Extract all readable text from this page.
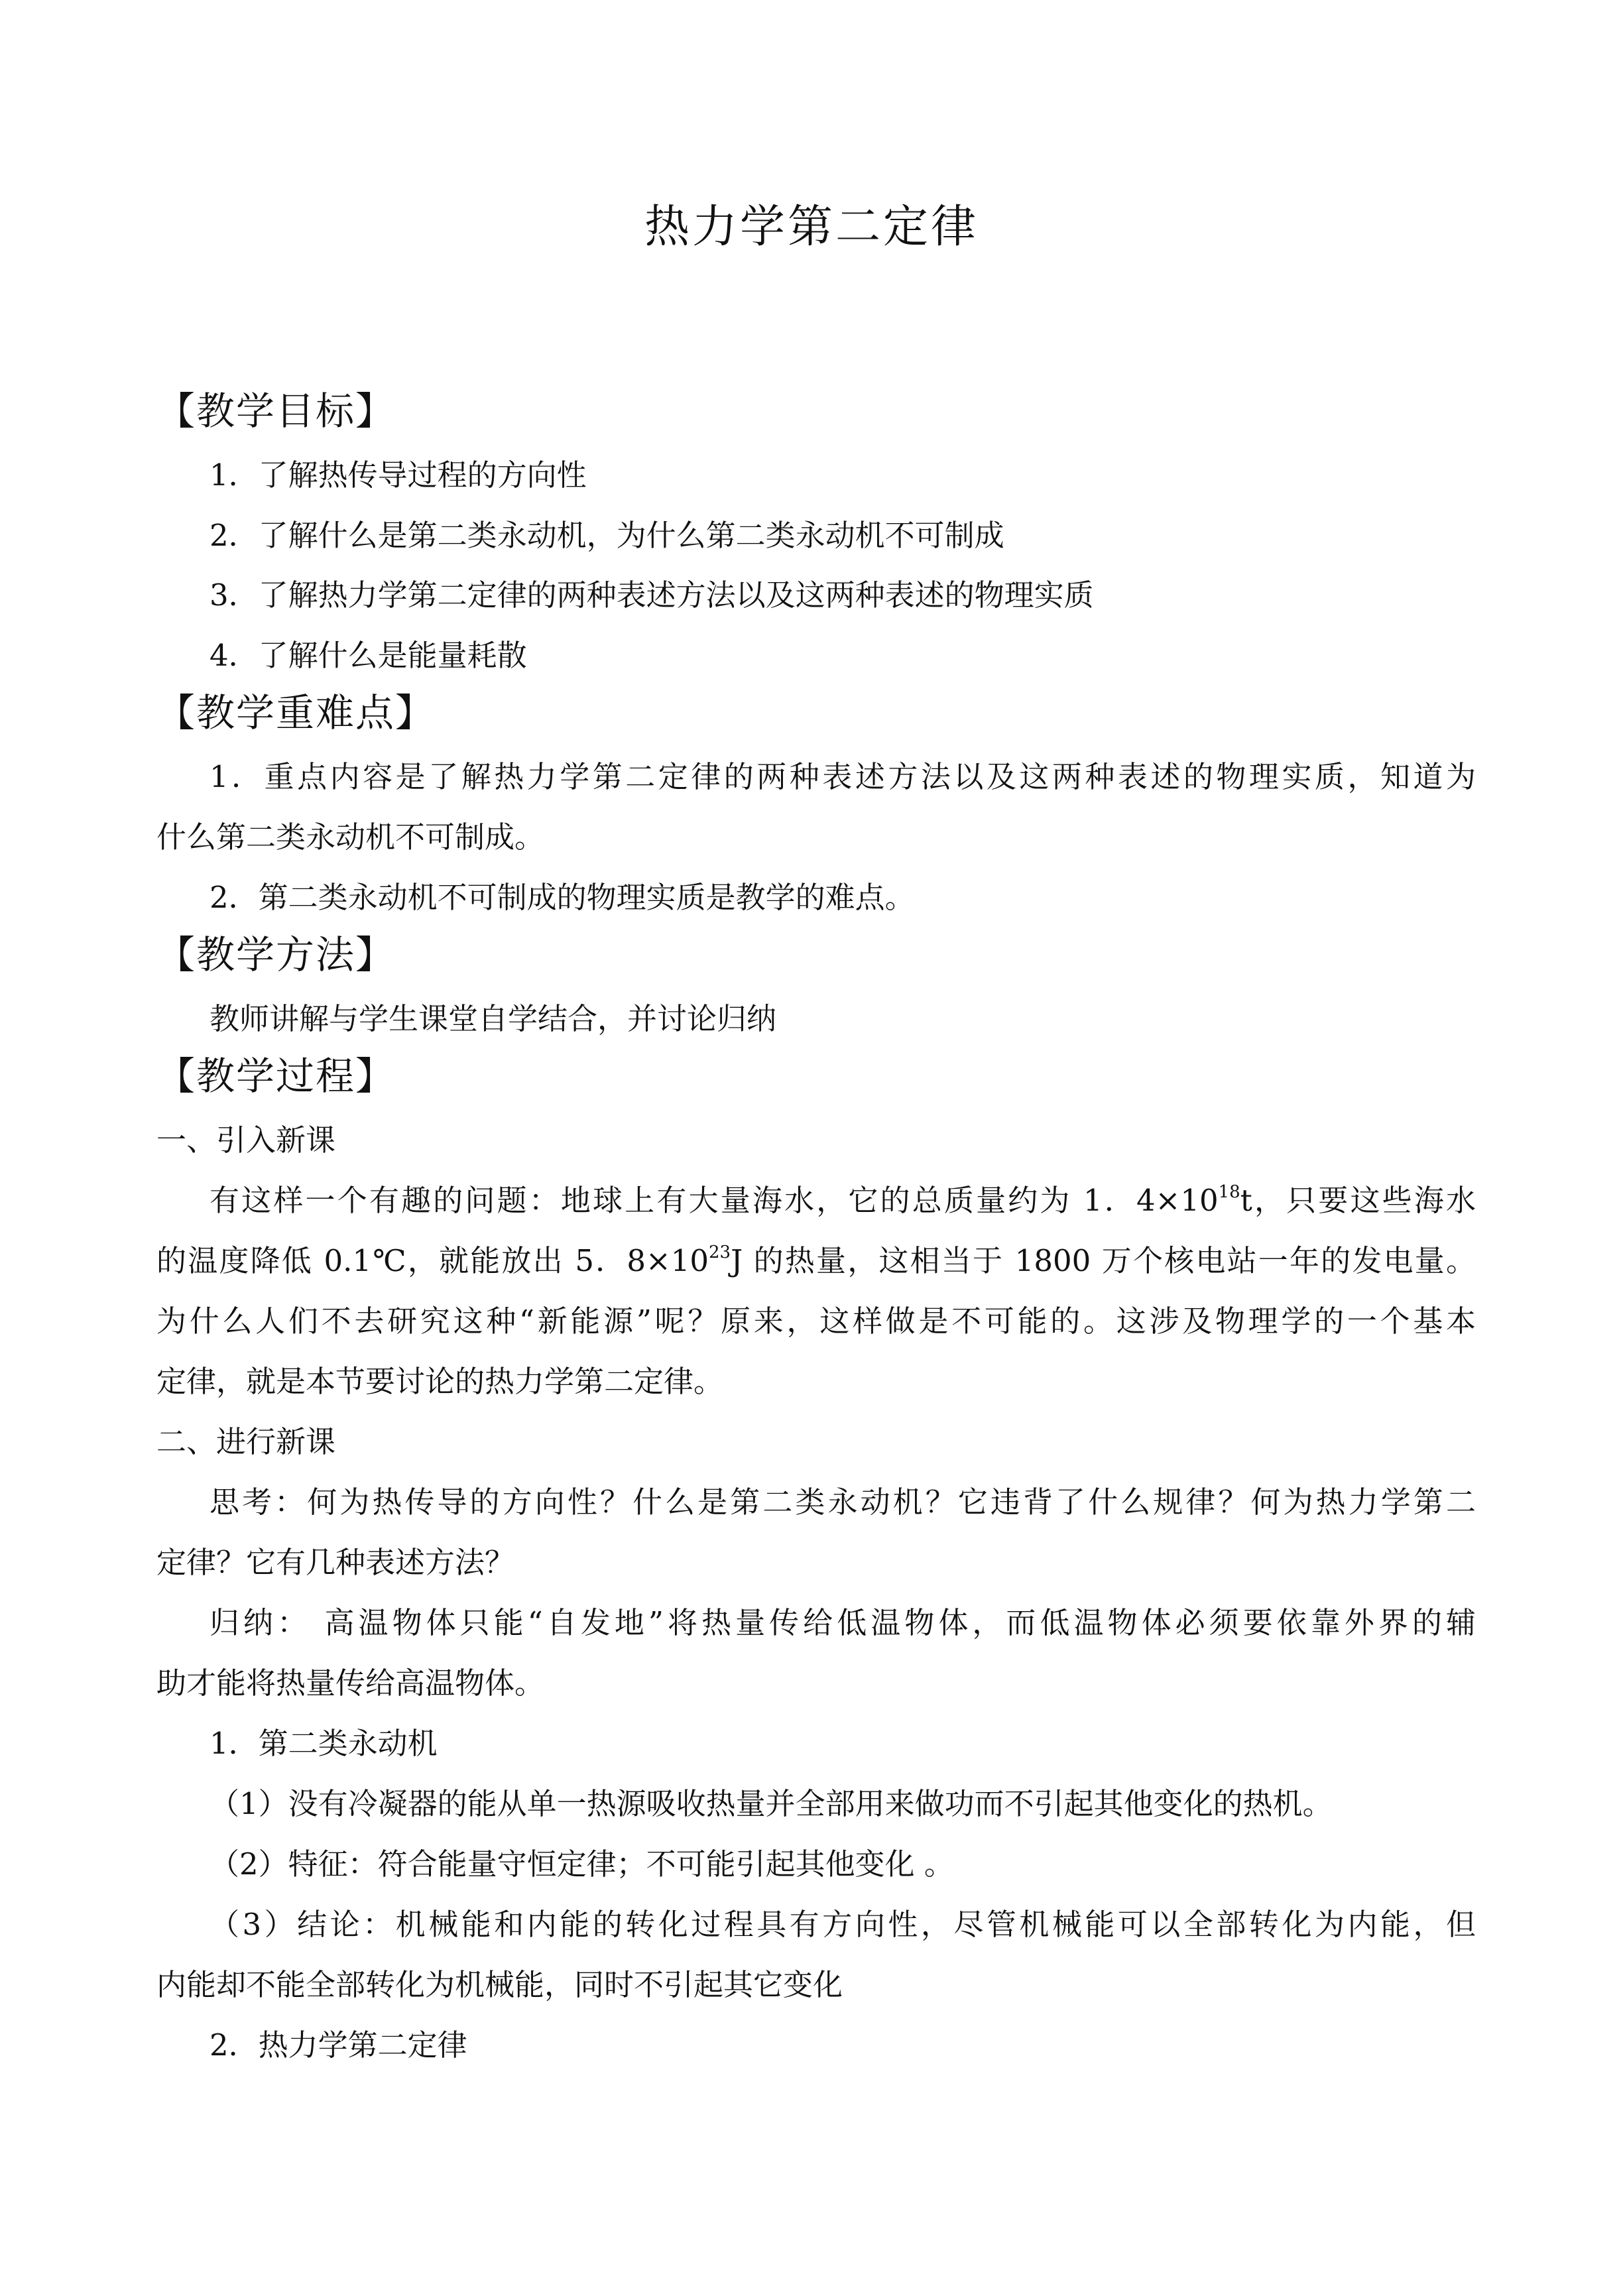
热力学第二定律
【教学目标】
1．了解热传导过程的方向性
2．了解什么是第二类永动机，为什么第二类永动机不可制成
3．了解热力学第二定律的两种表述方法以及这两种表述的物理实质
4．了解什么是能量耗散
【教学重难点】
1．重点内容是了解热力学第二定律的两种表述方法以及这两种表述的物理实质，知道为
什么第二类永动机不可制成。
2．第二类永动机不可制成的物理实质是教学的难点。
【教学方法】
教师讲解与学生课堂自学结合，并讨论归纳
【教学过程】
一、引入新课
有这样一个有趣的问题：地球上有大量海水，它的总质量约为 1．$4\times 10^{18}t$，只要这些海水
的温度降低 0.1℃，就能放出 5．$8\times 10^{23}J$ 的热量，这相当于 1800 万个核电站一年的发电量。
为什么人们不去研究这种“新能源”呢？原来，这样做是不可能的。这涉及物理学的一个基本
定律，就是本节要讨论的热力学第二定律。
二、进行新课
思考：何为热传导的方向性？什么是第二类永动机？它违背了什么规律？何为热力学第二
定律？它有几种表述方法？
归纳： 高温物体只能“自发地”将热量传给低温物体，而低温物体必须要依靠外界的辅
助才能将热量传给高温物体。
1．第二类永动机
（1）没有冷凝器的能从单一热源吸收热量并全部用来做功而不引起其他变化的热机。
（2）特征：符合能量守恒定律；不可能引起其他变化 。
（3）结论：机械能和内能的转化过程具有方向性，尽管机械能可以全部转化为内能，但
内能却不能全部转化为机械能，同时不引起其它变化
2．热力学第二定律
